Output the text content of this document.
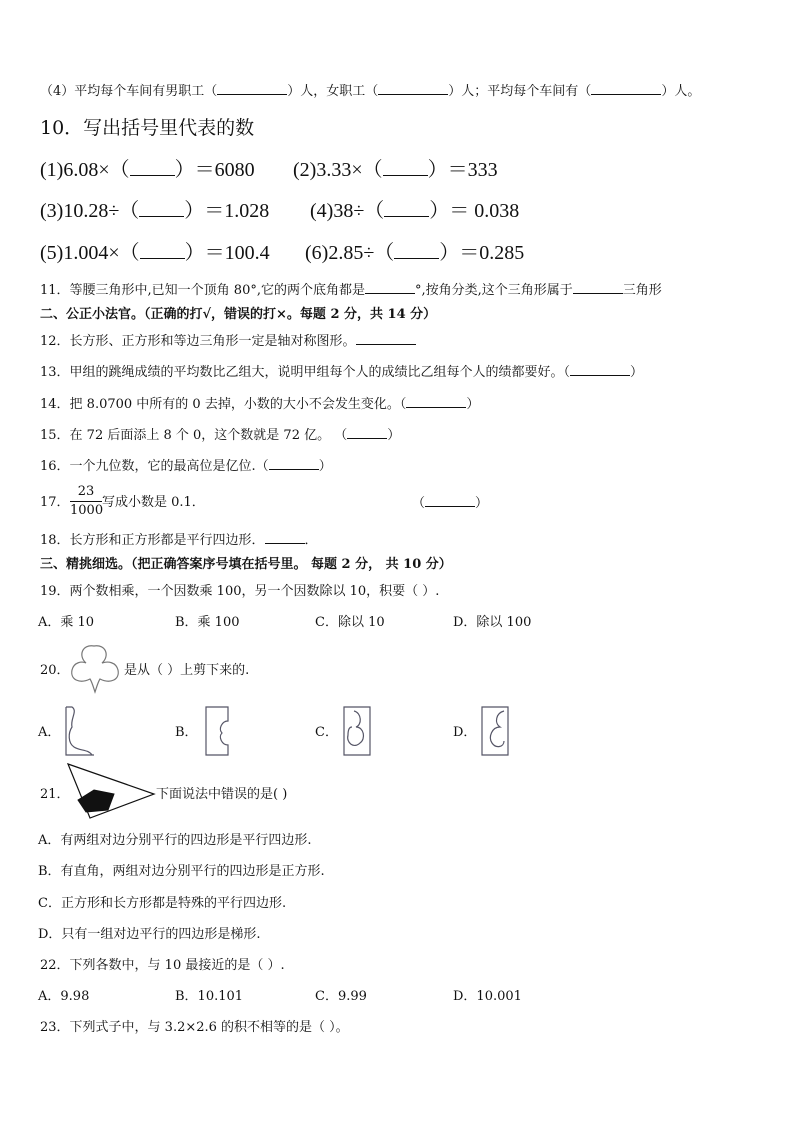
（4）平均每个车间有男职工（	）人，女职工（	）人；平均每个车间有（	）人。
10．写出括号里代表的数
(1)6.08×（ ）＝6080 (2)3.33×（ ）＝333
(3)10.28÷（ ）＝1.028 (4)38÷（ ）＝ 0.038
(5)1.004×（ ）＝100.4 (6)2.85÷（ ）＝0.285
11．等腰三角形中,已知一个顶角 80°,它的两个底角都是	°,按角分类,这个三角形属于	三角形
二、公正小法官。（正确的打√，错误的打×。每题 2 分，共 14 分）
12．长方形、正方形和等边三角形一定是轴对称图形。
13．甲组的跳绳成绩的平均数比乙组大，说明甲组每个人的成绩比乙组每个人的绩都要好。（	）
14．把 8.0700 中所有的 0 去掉，小数的大小不会发生变化。（	）
15．在 72 后面添上 8 个 0，这个数就是 72 亿。 （	）
16．一个九位数，它的最高位是亿位.（	）
17．
23
1000
写成小数是 0.1．	（	）
18．长方形和正方形都是平行四边形．	．
三、精挑细选。（把正确答案序号填在括号里。 每题 2 分， 共 10 分）
19．两个数相乘，一个因数乘 100，另一个因数除以 10，积要（ ）.
A．乘 10	B．乘 100	C．除以 10	D．除以 100
20．	是从（ ）上剪下来的.
A．	B．	C．	D．
21．	下面说法中错误的是( )
A．有两组对边分别平行的四边形是平行四边形.
B．有直角，两组对边分别平行的四边形是正方形.
C．正方形和长方形都是特殊的平行四边形.
D．只有一组对边平行的四边形是梯形.
22．下列各数中，与 10 最接近的是（ ）.
A．9.98	B．10.101	C．9.99	D．10.001
23．下列式子中，与 3.2×2.6 的积不相等的是（ ）。
